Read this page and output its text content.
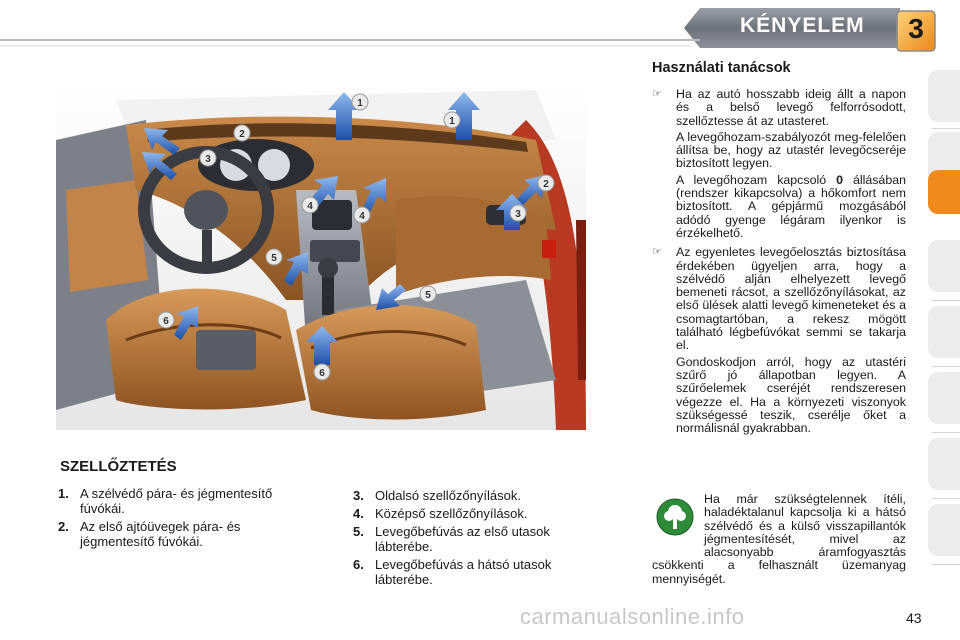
KÉNYELEM	3
1
1
2
2
3
3
4
4
5
5
6
6
SZELLŐZTETÉS
1. A szélvédő pára- és jégmentesítő fúvókái.
2. Az első ajtóüvegek pára- és jégmentesítő fúvókái.
3. Oldalsó szellőzőnyílások.
4. Középső szellőzőnyílások.
5. Levegőbefúvás az első utasok lábterébe.
6. Levegőbefúvás a hátsó utasok lábterébe.
Használati tanácsok
☞	Ha az autó hosszabb ideig állt a napon és a belső levegő felforrósodott, szellőztesse át az utasteret.

A levegőhozam-szabályozót meg-felelően állítsa be, hogy az utastér levegőcseréje biztosított legyen.

A levegőhozam kapcsoló 0 állásában (rendszer kikapcsolva) a hőkomfort nem biztosított. A gépjármű mozgásából adódó gyenge légáram ilyenkor is érzékelhető.

☞	Az egyenletes levegőelosztás biztosítása érdekében ügyeljen arra, hogy a szélvédő alján elhelyezett levegő bemeneti rácsot, a szellőzőnyílásokat, az első ülések alatti levegő kimeneteket és a csomagtartóban, a rekesz mögött található légbefúvókat semmi se takarja el.

Gondoskodjon arról, hogy az utastéri szűrő jó állapotban legyen. A szűrőelemek cseréjét rendszeresen végezze el. Ha a környezeti viszonyok szükségessé teszik, cserélje őket a normálisnál gyakrabban.

Ha már szükségtelennek ítéli, haladéktalanul kapcsolja ki a hátsó szélvédő és a külső visszapillantók jégmentesítését, mivel az alacsonyabb áramfogyasztás csökkenti a felhasznált üzemanyag mennyiségét.
carmanualsonline.info	43
